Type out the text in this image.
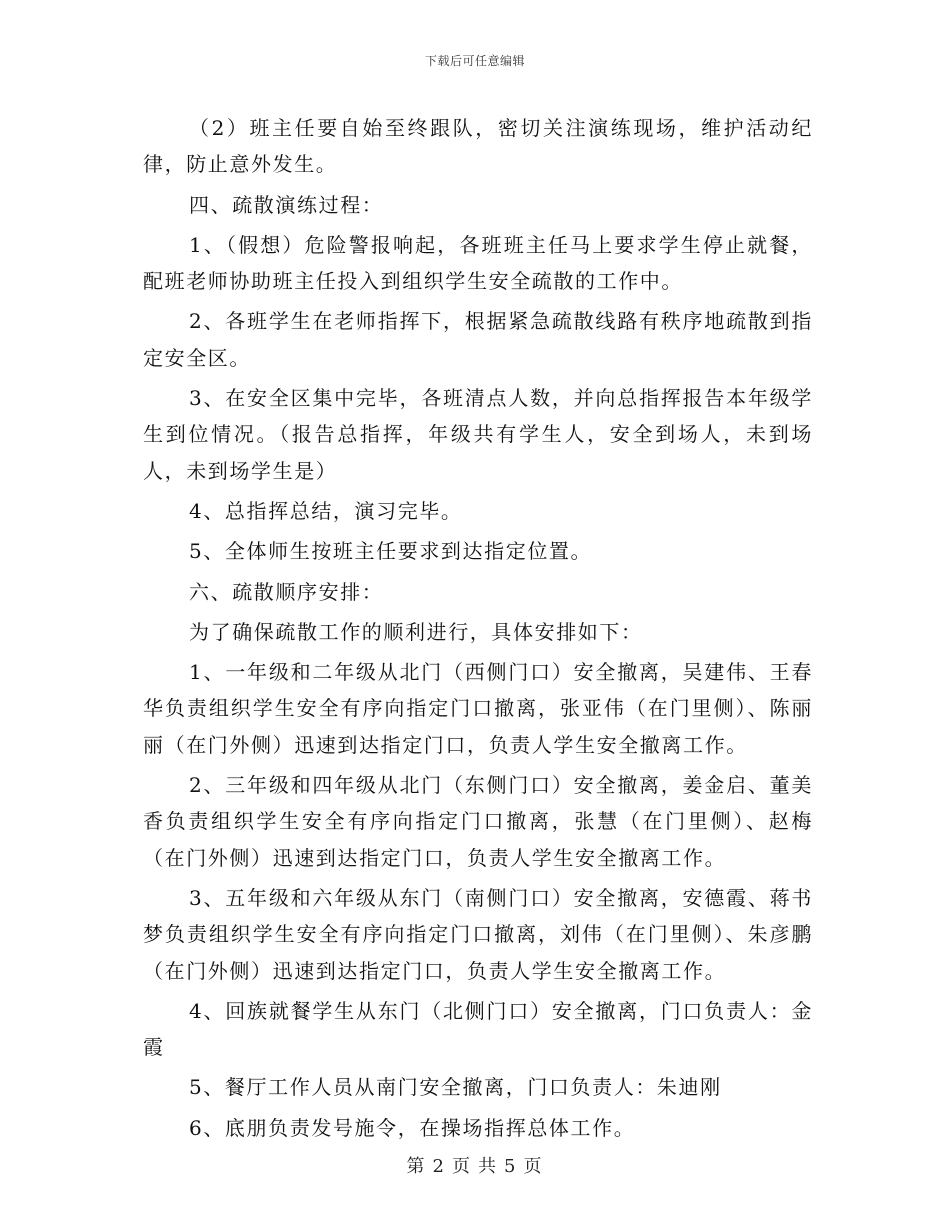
下载后可任意编辑

（2）班主任要自始至终跟队，密切关注演练现场，维护活动纪律，防止意外发生。

四、疏散演练过程：

1、（假想）危险警报响起，各班班主任马上要求学生停止就餐，配班老师协助班主任投入到组织学生安全疏散的工作中。

2、各班学生在老师指挥下，根据紧急疏散线路有秩序地疏散到指定安全区。

3、在安全区集中完毕，各班清点人数，并向总指挥报告本年级学生到位情况。（报告总指挥，年级共有学生人，安全到场人，未到场人，未到场学生是）

4、总指挥总结，演习完毕。

5、全体师生按班主任要求到达指定位置。

六、疏散顺序安排：

为了确保疏散工作的顺利进行，具体安排如下：

1、一年级和二年级从北门（西侧门口）安全撤离，吴建伟、王春华负责组织学生安全有序向指定门口撤离，张亚伟（在门里侧）、陈丽丽（在门外侧）迅速到达指定门口，负责人学生安全撤离工作。

2、三年级和四年级从北门（东侧门口）安全撤离，姜金启、董美香负责组织学生安全有序向指定门口撤离，张慧（在门里侧）、赵梅（在门外侧）迅速到达指定门口，负责人学生安全撤离工作。

3、五年级和六年级从东门（南侧门口）安全撤离，安德霞、蒋书梦负责组织学生安全有序向指定门口撤离，刘伟（在门里侧）、朱彦鹏（在门外侧）迅速到达指定门口，负责人学生安全撤离工作。

4、回族就餐学生从东门（北侧门口）安全撤离，门口负责人：金霞

5、餐厅工作人员从南门安全撤离，门口负责人：朱迪刚

6、底朋负责发号施令，在操场指挥总体工作。

第 2 页 共 5 页
